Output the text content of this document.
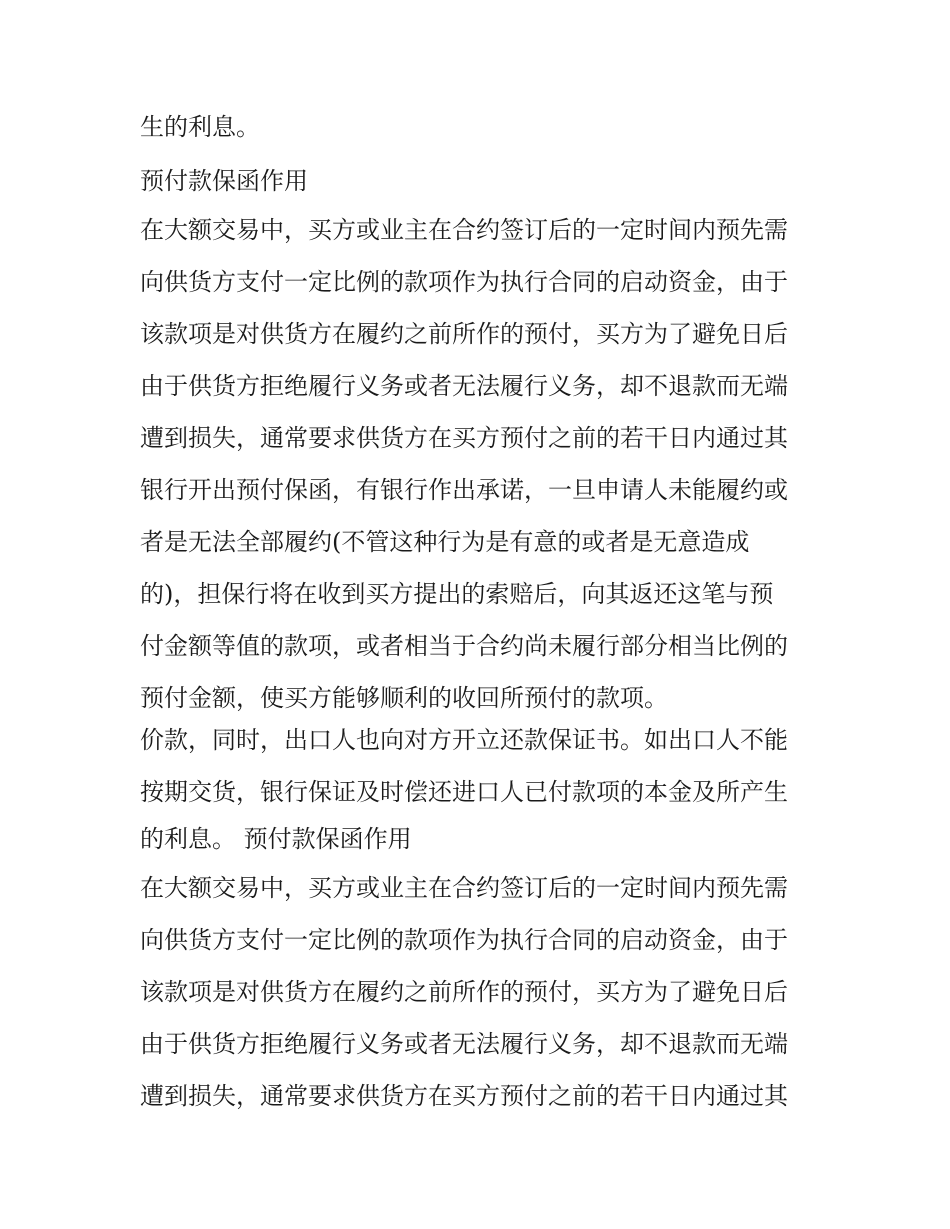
生的利息。
预付款保函作用
在大额交易中，买方或业主在合约签订后的一定时间内预先需
向供货方支付一定比例的款项作为执行合同的启动资金，由于
该款项是对供货方在履约之前所作的预付，买方为了避免日后
由于供货方拒绝履行义务或者无法履行义务，却不退款而无端
遭到损失，通常要求供货方在买方预付之前的若干日内通过其
银行开出预付保函，有银行作出承诺，一旦申请人未能履约或
者是无法全部履约(不管这种行为是有意的或者是无意造成
的)，担保行将在收到买方提出的索赔后，向其返还这笔与预
付金额等值的款项，或者相当于合约尚未履行部分相当比例的
预付金额，使买方能够顺利的收回所预付的款项。
价款，同时，出口人也向对方开立还款保证书。如出口人不能
按期交货，银行保证及时偿还进口人已付款项的本金及所产生
的利息。 预付款保函作用
在大额交易中，买方或业主在合约签订后的一定时间内预先需
向供货方支付一定比例的款项作为执行合同的启动资金，由于
该款项是对供货方在履约之前所作的预付，买方为了避免日后
由于供货方拒绝履行义务或者无法履行义务，却不退款而无端
遭到损失，通常要求供货方在买方预付之前的若干日内通过其
